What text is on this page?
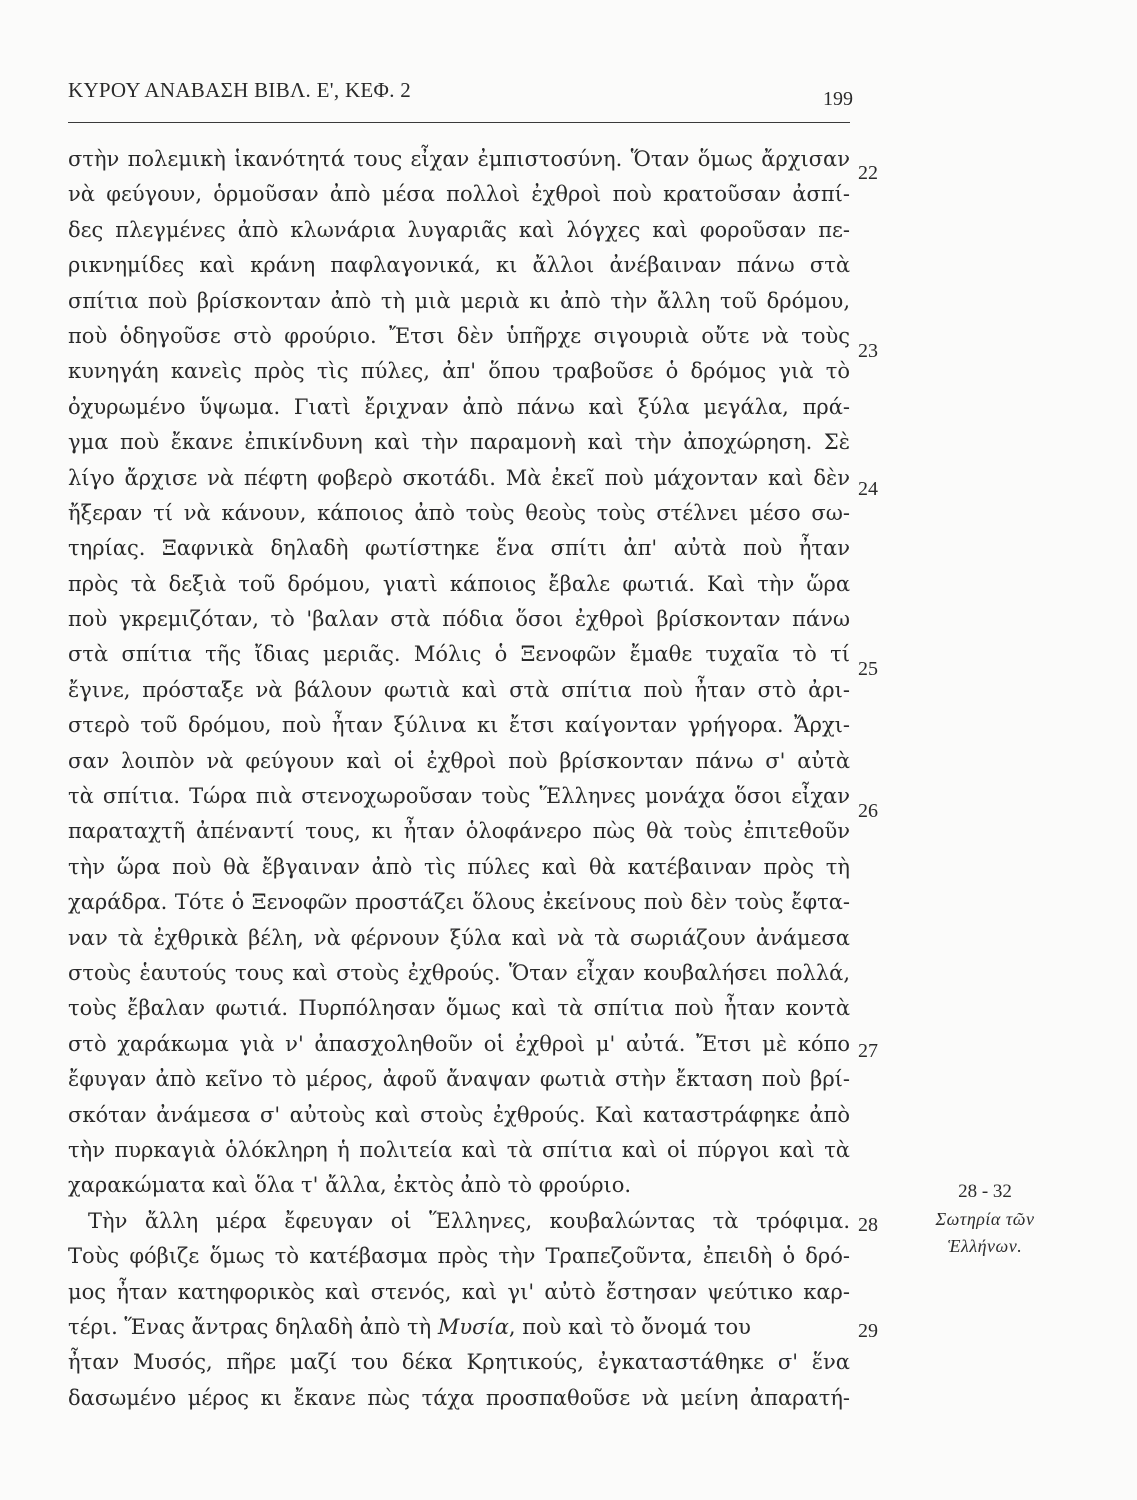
ΚΥΡΟΥ ΑΝΑΒΑΣΗ ΒΙΒΛ. Ε', ΚΕΦ. 2	199
στὴν πολεμικὴ ἱκανότητά τους εἶχαν ἐμπιστοσύνη. Ὅταν ὅμως ἄρχισαν
νὰ φεύγουν, ὁρμοῦσαν ἀπὸ μέσα πολλοὶ ἐχθροὶ ποὺ κρατοῦσαν ἀσπί-
δες πλεγμένες ἀπὸ κλωνάρια λυγαριᾶς καὶ λόγχες καὶ φοροῦσαν πε-
ρικνημίδες καὶ κράνη παφλαγονικά, κι ἄλλοι ἀνέβαιναν πάνω στὰ
σπίτια ποὺ βρίσκονταν ἀπὸ τὴ μιὰ μεριὰ κι ἀπὸ τὴν ἄλλη τοῦ δρόμου,
ποὺ ὁδηγοῦσε στὸ φρούριο. Ἔτσι δὲν ὑπῆρχε σιγουριὰ οὔτε νὰ τοὺς
κυνηγάη κανεὶς πρὸς τὶς πύλες, ἀπ' ὅπου τραβοῦσε ὁ δρόμος γιὰ τὸ
ὀχυρωμένο ὕψωμα. Γιατὶ ἔριχναν ἀπὸ πάνω καὶ ξύλα μεγάλα, πρά-
γμα ποὺ ἔκανε ἐπικίνδυνη καὶ τὴν παραμονὴ καὶ τὴν ἀποχώρηση. Σὲ
λίγο ἄρχισε νὰ πέφτη φοβερὸ σκοτάδι. Μὰ ἐκεῖ ποὺ μάχονταν καὶ δὲν
ἤξεραν τί νὰ κάνουν, κάποιος ἀπὸ τοὺς θεοὺς τοὺς στέλνει μέσο σω-
τηρίας. Ξαφνικὰ δηλαδὴ φωτίστηκε ἕνα σπίτι ἀπ' αὐτὰ ποὺ ἦταν
πρὸς τὰ δεξιὰ τοῦ δρόμου, γιατὶ κάποιος ἔβαλε φωτιά. Καὶ τὴν ὥρα
ποὺ γκρεμιζόταν, τὸ 'βαλαν στὰ πόδια ὅσοι ἐχθροὶ βρίσκονταν πάνω
στὰ σπίτια τῆς ἴδιας μεριᾶς. Μόλις ὁ Ξενοφῶν ἔμαθε τυχαῖα τὸ τί
ἔγινε, πρόσταξε νὰ βάλουν φωτιὰ καὶ στὰ σπίτια ποὺ ἦταν στὸ ἀρι-
στερὸ τοῦ δρόμου, ποὺ ἦταν ξύλινα κι ἔτσι καίγονταν γρήγορα. Ἄρχι-
σαν λοιπὸν νὰ φεύγουν καὶ οἱ ἐχθροὶ ποὺ βρίσκονταν πάνω σ' αὐτὰ
τὰ σπίτια. Τώρα πιὰ στενοχωροῦσαν τοὺς Ἕλληνες μονάχα ὅσοι εἶχαν
παραταχτῆ ἀπέναντί τους, κι ἦταν ὁλοφάνερο πὼς θὰ τοὺς ἐπιτεθοῦν
τὴν ὥρα ποὺ θὰ ἔβγαιναν ἀπὸ τὶς πύλες καὶ θὰ κατέβαιναν πρὸς τὴ
χαράδρα. Τότε ὁ Ξενοφῶν προστάζει ὅλους ἐκείνους ποὺ δὲν τοὺς ἔφτα-
ναν τὰ ἐχθρικὰ βέλη, νὰ φέρνουν ξύλα καὶ νὰ τὰ σωριάζουν ἀνάμεσα
στοὺς ἑαυτούς τους καὶ στοὺς ἐχθρούς. Ὅταν εἶχαν κουβαλήσει πολλά,
τοὺς ἔβαλαν φωτιά. Πυρπόλησαν ὅμως καὶ τὰ σπίτια ποὺ ἦταν κοντὰ
στὸ χαράκωμα γιὰ ν' ἀπασχοληθοῦν οἱ ἐχθροὶ μ' αὐτά. Ἔτσι μὲ κόπο
ἔφυγαν ἀπὸ κεῖνο τὸ μέρος, ἀφοῦ ἄναψαν φωτιὰ στὴν ἔκταση ποὺ βρί-
σκόταν ἀνάμεσα σ' αὐτοὺς καὶ στοὺς ἐχθρούς. Καὶ καταστράφηκε ἀπὸ
τὴν πυρκαγιὰ ὁλόκληρη ἡ πολιτεία καὶ τὰ σπίτια καὶ οἱ πύργοι καὶ τὰ
χαρακώματα καὶ ὅλα τ' ἄλλα, ἐκτὸς ἀπὸ τὸ φρούριο.
Τὴν ἄλλη μέρα ἔφευγαν οἱ Ἕλληνες, κουβαλώντας τὰ τρόφιμα.
Τοὺς φόβιζε ὅμως τὸ κατέβασμα πρὸς τὴν Τραπεζοῦντα, ἐπειδὴ ὁ δρό-
μος ἦταν κατηφορικὸς καὶ στενός, καὶ γι' αὐτὸ ἔστησαν ψεύτικο καρ-
τέρι. Ἕνας ἄντρας δηλαδὴ ἀπὸ τὴ Μυσία, ποὺ καὶ τὸ ὄνομά του
ἦταν Μυσός, πῆρε μαζί του δέκα Κρητικούς, ἐγκαταστάθηκε σ' ἕνα
δασωμένο μέρος κι ἔκανε πὼς τάχα προσπαθοῦσε νὰ μείνη ἀπαρατή-
22
23
24
25
26
27
28
29
28 - 32
Σωτηρία τῶν
Ἑλλήνων.
